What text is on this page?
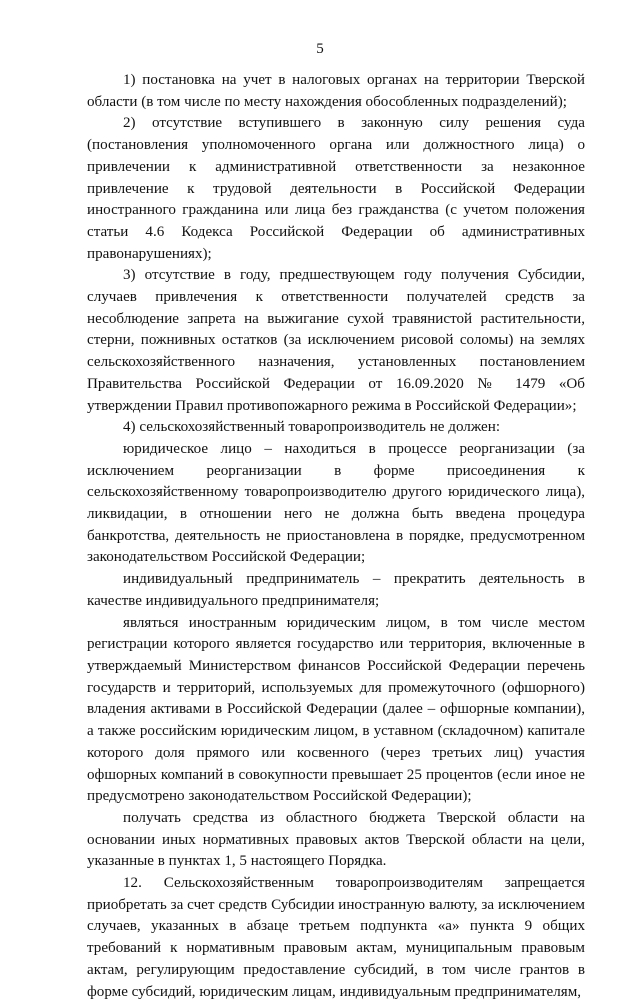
5

1) постановка на учет в налоговых органах на территории Тверской области (в том числе по месту нахождения обособленных подразделений);

2) отсутствие вступившего в законную силу решения суда (постановления уполномоченного органа или должностного лица) о привлечении к административной ответственности за незаконное привлечение к трудовой деятельности в Российской Федерации иностранного гражданина или лица без гражданства (с учетом положения статьи 4.6 Кодекса Российской Федерации об административных правонарушениях);

3) отсутствие в году, предшествующем году получения Субсидии, случаев привлечения к ответственности получателей средств за несоблюдение запрета на выжигание сухой травянистой растительности, стерни, пожнивных остатков (за исключением рисовой соломы) на землях сельскохозяйственного назначения, установленных постановлением Правительства Российской Федерации от 16.09.2020 № 1479 «Об утверждении Правил противопожарного режима в Российской Федерации»;

4) сельскохозяйственный товаропроизводитель не должен:

юридическое лицо – находиться в процессе реорганизации (за исключением реорганизации в форме присоединения к сельскохозяйственному товаропроизводителю другого юридического лица), ликвидации, в отношении него не должна быть введена процедура банкротства, деятельность не приостановлена в порядке, предусмотренном законодательством Российской Федерации;

индивидуальный предприниматель – прекратить деятельность в качестве индивидуального предпринимателя;

являться иностранным юридическим лицом, в том числе местом регистрации которого является государство или территория, включенные в утверждаемый Министерством финансов Российской Федерации перечень государств и территорий, используемых для промежуточного (офшорного) владения активами в Российской Федерации (далее – офшорные компании), а также российским юридическим лицом, в уставном (складочном) капитале которого доля прямого или косвенного (через третьих лиц) участия офшорных компаний в совокупности превышает 25 процентов (если иное не предусмотрено законодательством Российской Федерации);

получать средства из областного бюджета Тверской области на основании иных нормативных правовых актов Тверской области на цели, указанные в пунктах 1, 5 настоящего Порядка.

12. Сельскохозяйственным товаропроизводителям запрещается приобретать за счет средств Субсидии иностранную валюту, за исключением случаев, указанных в абзаце третьем подпункта «а» пункта 9 общих требований к нормативным правовым актам, муниципальным правовым актам, регулирующим предоставление субсидий, в том числе грантов в форме субсидий, юридическим лицам, индивидуальным предпринимателям,
